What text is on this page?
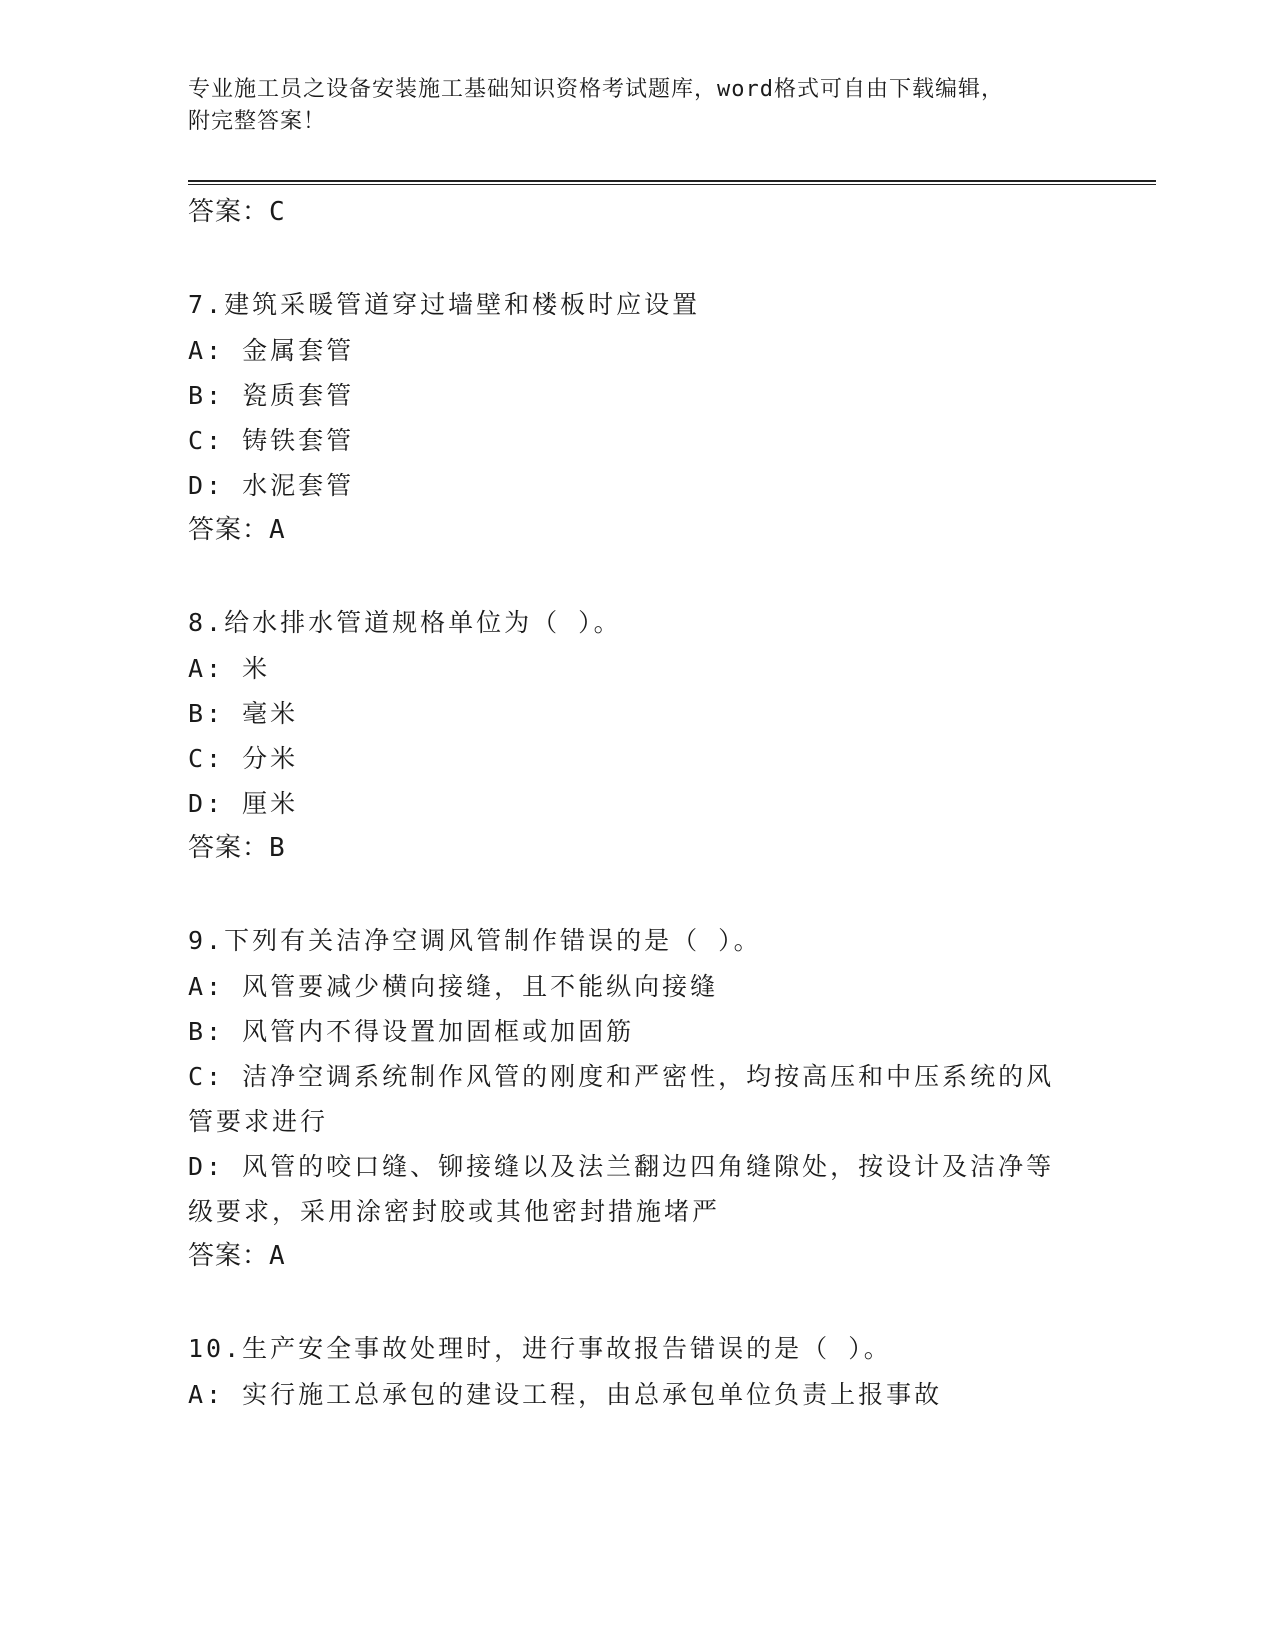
专业施工员之设备安装施工基础知识资格考试题库，word格式可自由下载编辑，
附完整答案！
答案：C
7.建筑采暖管道穿过墙壁和楼板时应设置
A: 金属套管
B: 瓷质套管
C: 铸铁套管
D: 水泥套管
答案：A
8.给水排水管道规格单位为（ ）。
A: 米
B: 毫米
C: 分米
D: 厘米
答案：B
9.下列有关洁净空调风管制作错误的是（ ）。
A: 风管要减少横向接缝，且不能纵向接缝
B: 风管内不得设置加固框或加固筋
C: 洁净空调系统制作风管的刚度和严密性，均按高压和中压系统的风管要求进行
D: 风管的咬口缝、铆接缝以及法兰翻边四角缝隙处，按设计及洁净等级要求，采用涂密封胶或其他密封措施堵严
答案：A
10.生产安全事故处理时，进行事故报告错误的是（ ）。
A: 实行施工总承包的建设工程，由总承包单位负责上报事故
